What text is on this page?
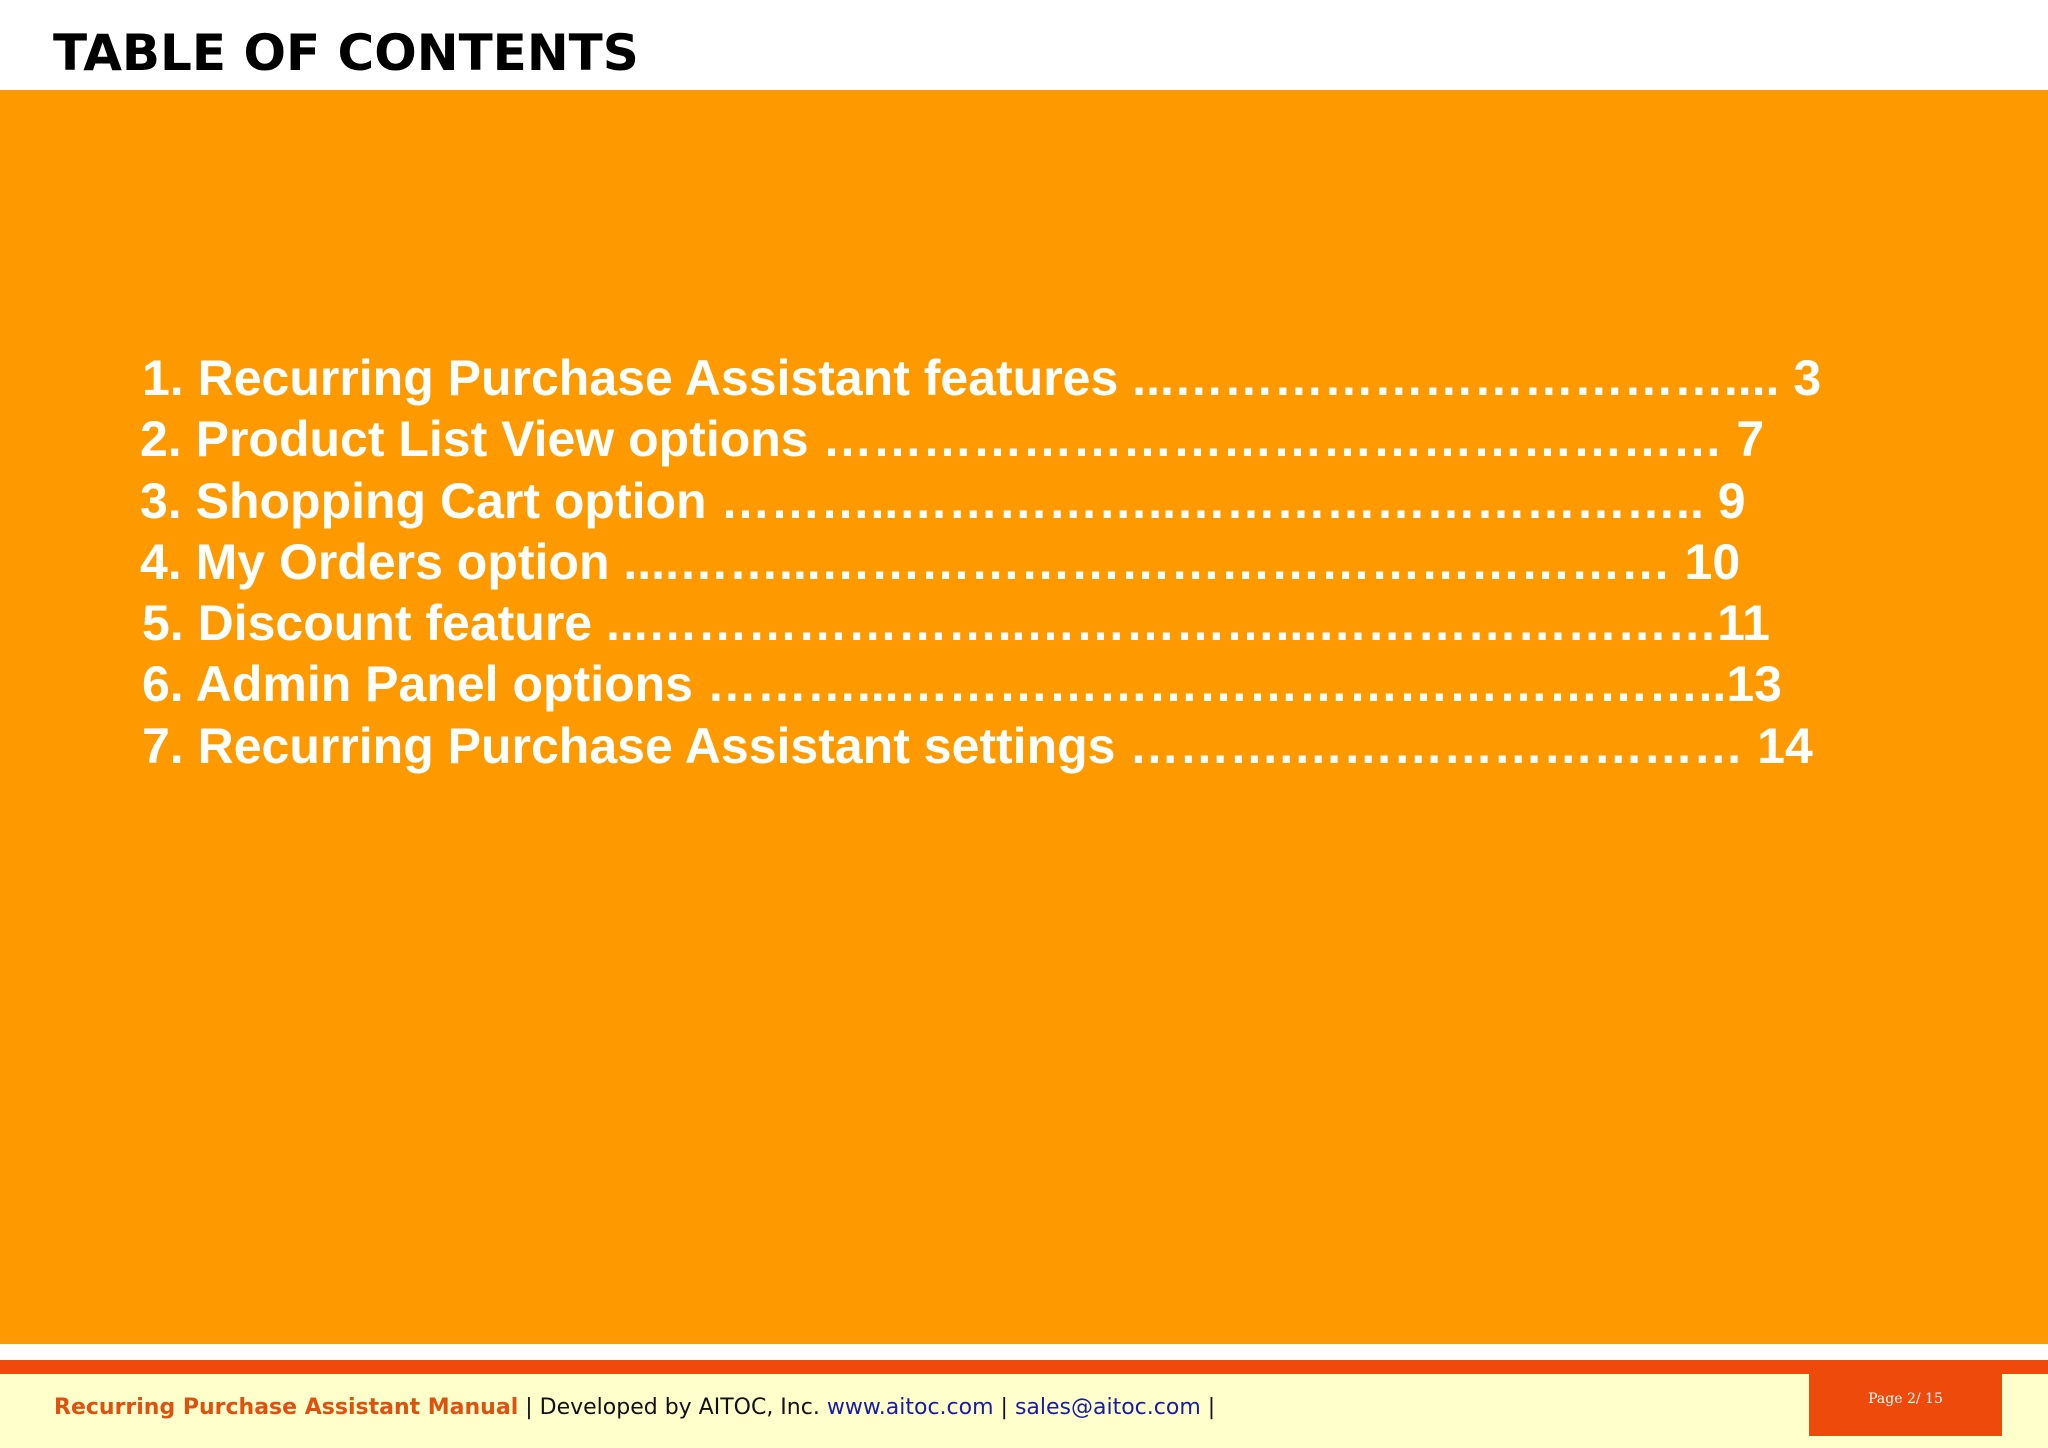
TABLE OF CONTENTS
1. Recurring Purchase Assistant features ...…………………………….... 3
2. Product List View options ……………………………………………… 7
3. Shopping Cart option ………..……………..………………………….. 9
4. My Orders option ....……...…………………………………………… 10
5. Discount feature ...…………………..……………...……………………11
6. Admin Panel options ………...…………………………………………..13
7. Recurring Purchase Assistant settings ……….……………………… 14
Recurring Purchase Assistant Manual | Developed by AITOC, Inc. www.aitoc.com | sales@aitoc.com |	Page 2/ 15
